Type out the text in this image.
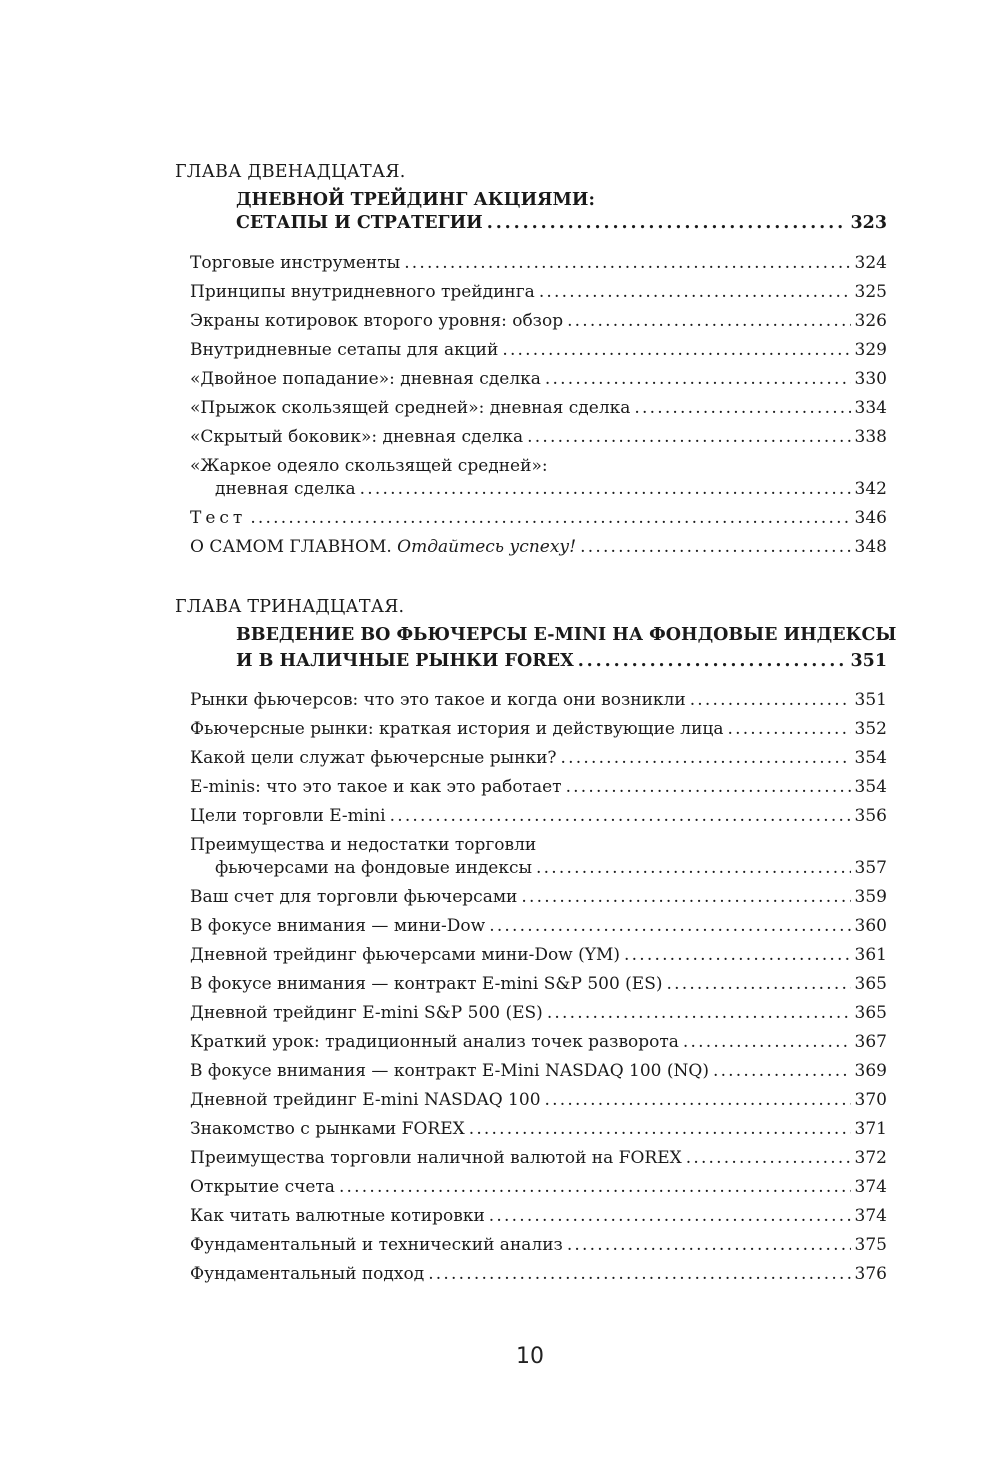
ГЛАВА ДВЕНАДЦАТАЯ.
ДНЕВНОЙ ТРЕЙДИНГ АКЦИЯМИ:
СЕТАПЫ И СТРАТЕГИИ . . .	323
Торговые инструменты . . .	324
Принципы внутридневного трейдинга . . .	325
Экраны котировок второго уровня: обзор . . .	326
Внутридневные сетапы для акций . . .	329
«Двойное попадание»: дневная сделка . . .	330
«Прыжок скользящей средней»: дневная сделка . . .	334
«Скрытый боковик»: дневная сделка . . .	338
«Жаркое одеяло скользящей средней»:
дневная сделка . . .	342
Тест . . .	346
О САМОМ ГЛАВНОМ.
Отдайтесь успеху! . . .	348
ГЛАВА ТРИНАДЦАТАЯ.
ВВЕДЕНИЕ ВО ФЬЮЧЕРСЫ E-MINI НА ФОНДОВЫЕ ИНДЕКСЫ
И В НАЛИЧНЫЕ РЫНКИ FOREX . . .	351
Рынки фьючерсов: что это такое и когда они возникли . . .	351
Фьючерсные рынки: краткая история и действующие лица . . .	352
Какой цели служат фьючерсные рынки? . . .	354
E-minis: что это такое и как это работает . . .	354
Цели торговли E-mini . . .	356
Преимущества и недостатки торговли
фьючерсами на фондовые индексы . . .	357
Ваш счет для торговли фьючерсами . . .	359
В фокусе внимания — мини-Dow . . .	360
Дневной трейдинг фьючерсами мини-Dow (YM) . . .	361
В фокусе внимания — контракт E-mini S&P 500 (ES) . . .	365
Дневной трейдинг E-mini S&P 500 (ES) . . .	365
Краткий урок: традиционный анализ точек разворота . . .	367
В фокусе внимания — контракт E-Mini NASDAQ 100 (NQ) . . .	369
Дневной трейдинг E-mini NASDAQ 100 . . .	370
Знакомство с рынками FOREX . . .	371
Преимущества торговли наличной валютой на FOREX . . .	372
Открытие счета . . .	374
Как читать валютные котировки . . .	374
Фундаментальный и технический анализ . . .	375
Фундаментальный подход . . .	376
10
